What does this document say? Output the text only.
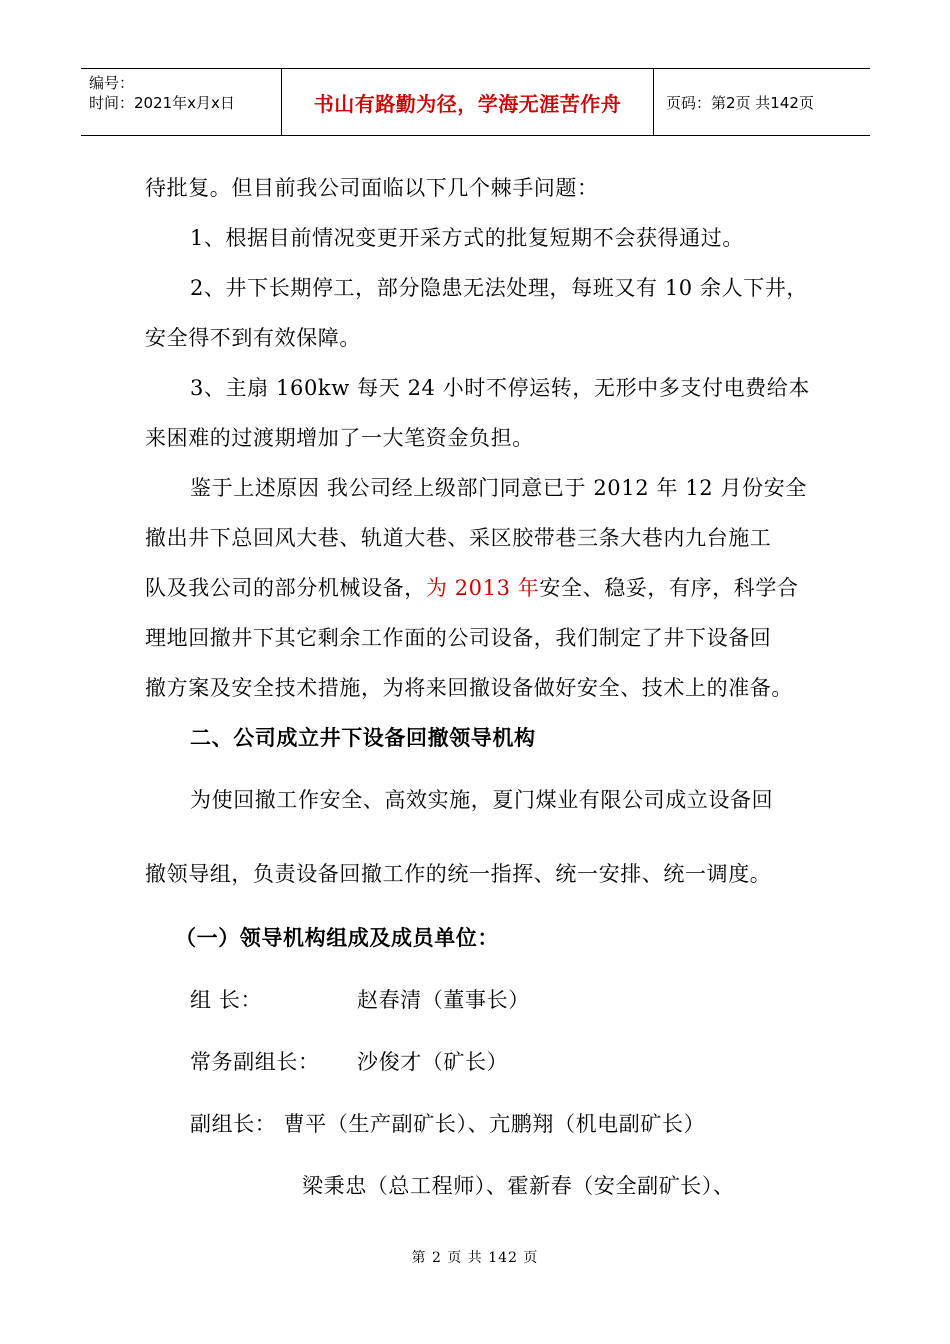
编号：
时间：2021年x月x日	书山有路勤为径，学海无涯苦作舟	页码：第2页 共142页
待批复。但目前我公司面临以下几个棘手问题：
1、根据目前情况变更开采方式的批复短期不会获得通过。
2、井下长期停工，部分隐患无法处理，每班又有 10 余人下井，
安全得不到有效保障。
3、主扇 160kw 每天 24 小时不停运转，无形中多支付电费给本
来困难的过渡期增加了一大笔资金负担。
鉴于上述原因 我公司经上级部门同意已于 2012 年 12 月份安全
撤出井下总回风大巷、轨道大巷、采区胶带巷三条大巷内九台施工
队及我公司的部分机械设备，为 2013 年安全、稳妥，有序，科学合
理地回撤井下其它剩余工作面的公司设备，我们制定了井下设备回
撤方案及安全技术措施，为将来回撤设备做好安全、技术上的准备。
二、公司成立井下设备回撤领导机构
为使回撤工作安全、高效实施，夏门煤业有限公司成立设备回
撤领导组，负责设备回撤工作的统一指挥、统一安排、统一调度。
（一）领导机构组成及成员单位：
组 长：	赵春清（董事长）
常务副组长： 沙俊才（矿长）
副组长： 曹平（生产副矿长）、亢鹏翔（机电副矿长）
梁秉忠（总工程师）、霍新春（安全副矿长）、
第 2 页 共 142 页
